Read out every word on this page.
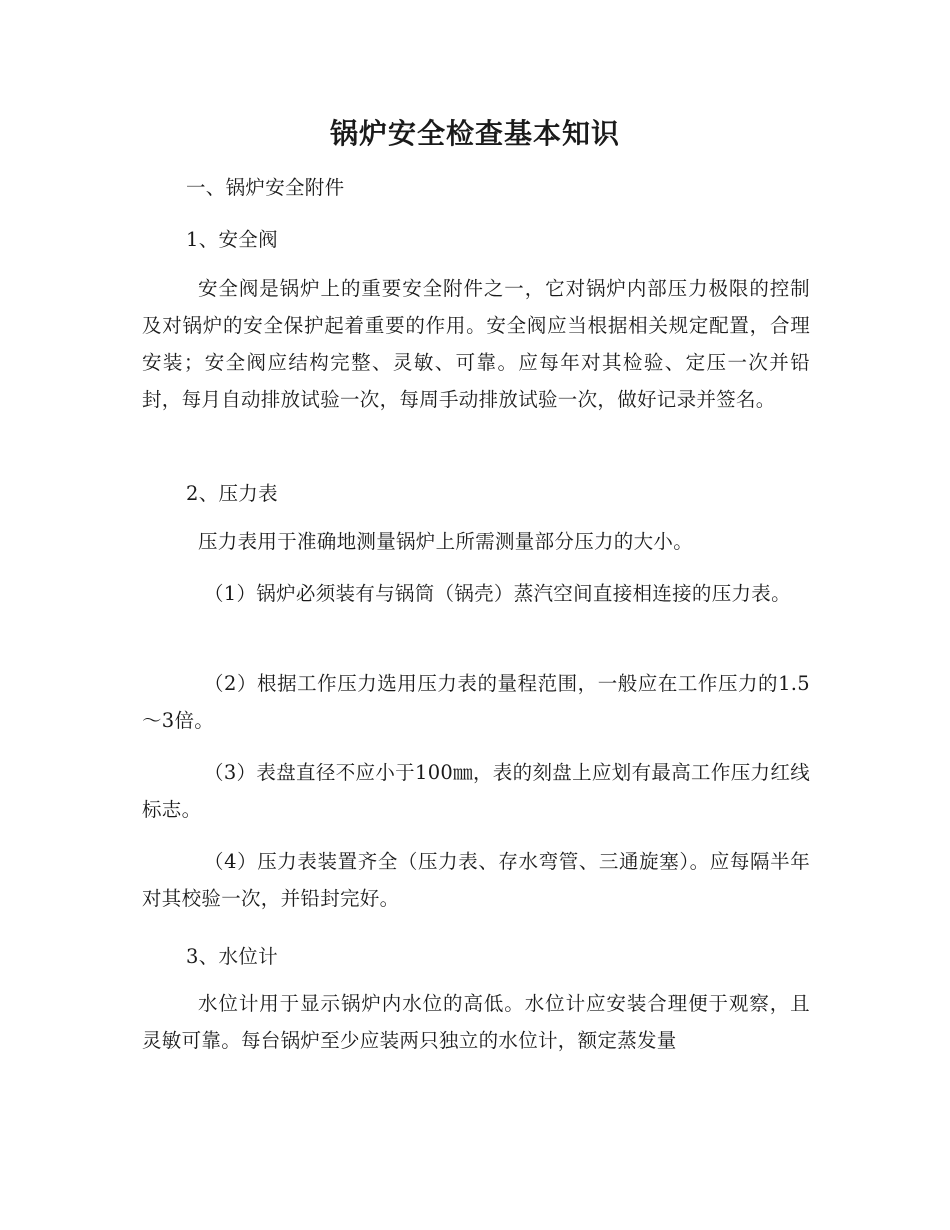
锅炉安全检查基本知识
一、锅炉安全附件
1、安全阀

安全阀是锅炉上的重要安全附件之一，它对锅炉内部压力极限的控制及对锅炉的安全保护起着重要的作用。安全阀应当根据相关规定配置，合理安装；安全阀应结构完整、灵敏、可靠。应每年对其检验、定压一次并铅封，每月自动排放试验一次，每周手动排放试验一次，做好记录并签名。

2、压力表

压力表用于准确地测量锅炉上所需测量部分压力的大小。

（1）锅炉必须装有与锅筒（锅壳）蒸汽空间直接相连接的压力表。

（2）根据工作压力选用压力表的量程范围，一般应在工作压力的1.5～3倍。

（3）表盘直径不应小于100㎜，表的刻盘上应划有最高工作压力红线标志。

（4）压力表装置齐全（压力表、存水弯管、三通旋塞）。应每隔半年对其校验一次，并铅封完好。

3、水位计

水位计用于显示锅炉内水位的高低。水位计应安装合理便于观察，且灵敏可靠。每台锅炉至少应装两只独立的水位计，额定蒸发量
